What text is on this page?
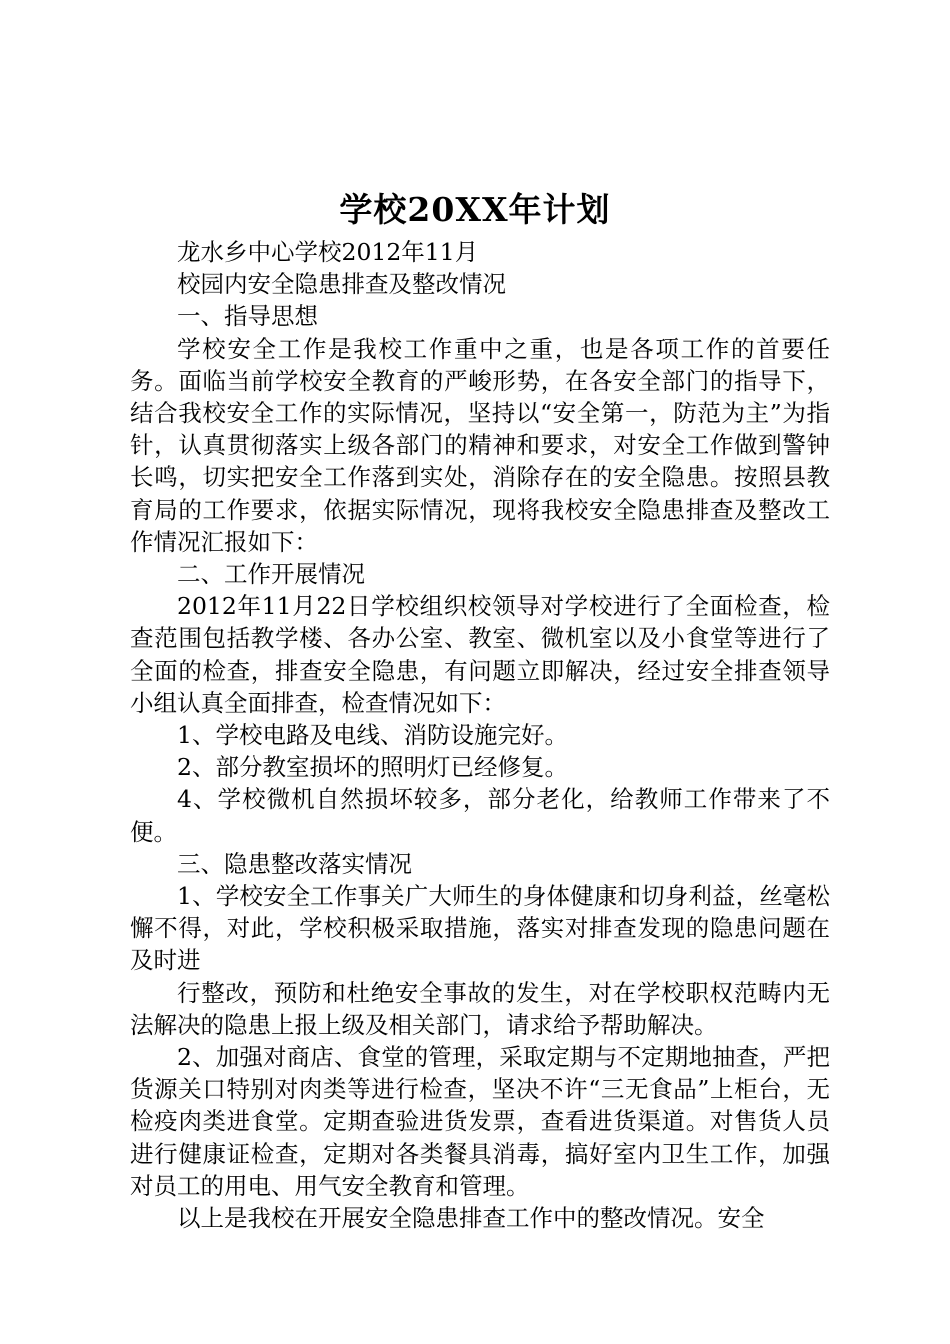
学校20XX年计划

龙水乡中心学校2012年11月

校园内安全隐患排查及整改情况

一、指导思想

学校安全工作是我校工作重中之重，也是各项工作的首要任务。面临当前学校安全教育的严峻形势，在各安全部门的指导下，结合我校安全工作的实际情况，坚持以“安全第一，防范为主”为指针，认真贯彻落实上级各部门的精神和要求，对安全工作做到警钟长鸣，切实把安全工作落到实处，消除存在的安全隐患。按照县教育局的工作要求，依据实际情况，现将我校安全隐患排查及整改工作情况汇报如下：

二、工作开展情况

2012年11月22日学校组织校领导对学校进行了全面检查，检查范围包括教学楼、各办公室、教室、微机室以及小食堂等进行了全面的检查，排查安全隐患，有问题立即解决，经过安全排查领导小组认真全面排查，检查情况如下：

1、学校电路及电线、消防设施完好。

2、部分教室损坏的照明灯已经修复。

4、学校微机自然损坏较多，部分老化，给教师工作带来了不便。

三、隐患整改落实情况

1、学校安全工作事关广大师生的身体健康和切身利益，丝毫松懈不得，对此，学校积极采取措施，落实对排查发现的隐患问题在及时进

行整改，预防和杜绝安全事故的发生，对在学校职权范畴内无法解决的隐患上报上级及相关部门，请求给予帮助解决。

2、加强对商店、食堂的管理，采取定期与不定期地抽查，严把货源关口特别对肉类等进行检查，坚决不许“三无食品”上柜台，无检疫肉类进食堂。定期查验进货发票，查看进货渠道。对售货人员进行健康证检查，定期对各类餐具消毒，搞好室内卫生工作，加强对员工的用电、用气安全教育和管理。

以上是我校在开展安全隐患排查工作中的整改情况。安全
